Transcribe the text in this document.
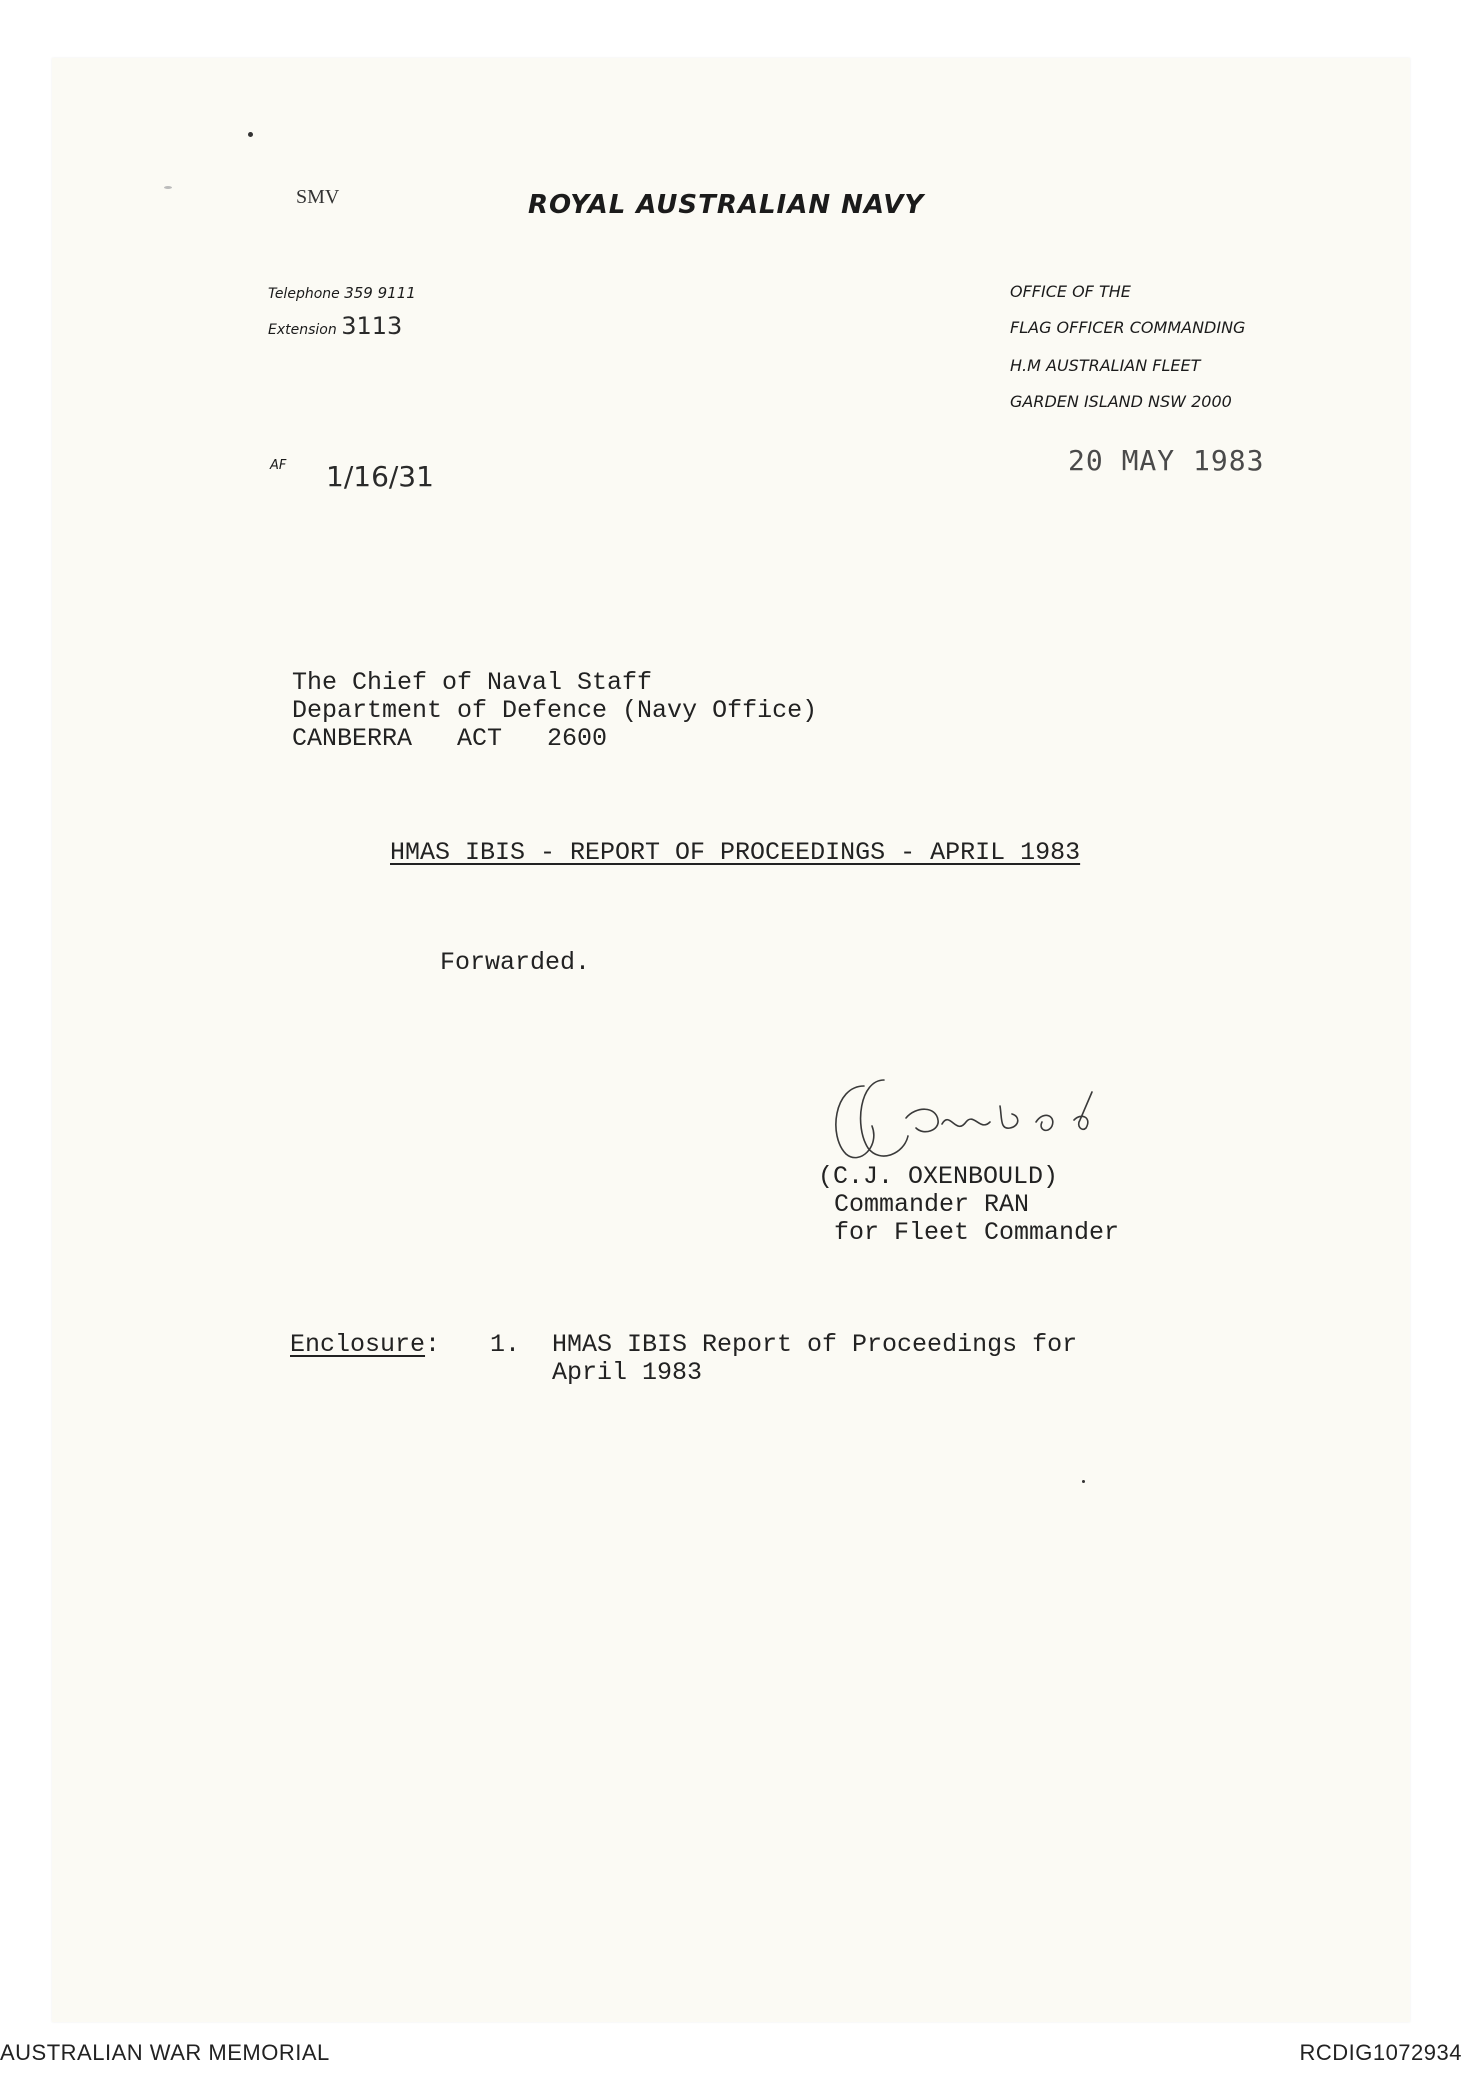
SMV	ROYAL AUSTRALIAN NAVY
Telephone 359 9111
Extension 3113
OFFICE OF THE
FLAG OFFICER COMMANDING
H.M AUSTRALIAN FLEET
GARDEN ISLAND NSW 2000
20 MAY 1983
AF 1/16/31
The Chief of Naval Staff
Department of Defence (Navy Office)
CANBERRA   ACT   2600
HMAS IBIS - REPORT OF PROCEEDINGS - APRIL 1983
Forwarded.
(C.J. OXENBOULD)
Commander RAN
for Fleet Commander
Enclosure: 1. HMAS IBIS Report of Proceedings for
April 1983
AUSTRALIAN WAR MEMORIAL	RCDIG1072934
